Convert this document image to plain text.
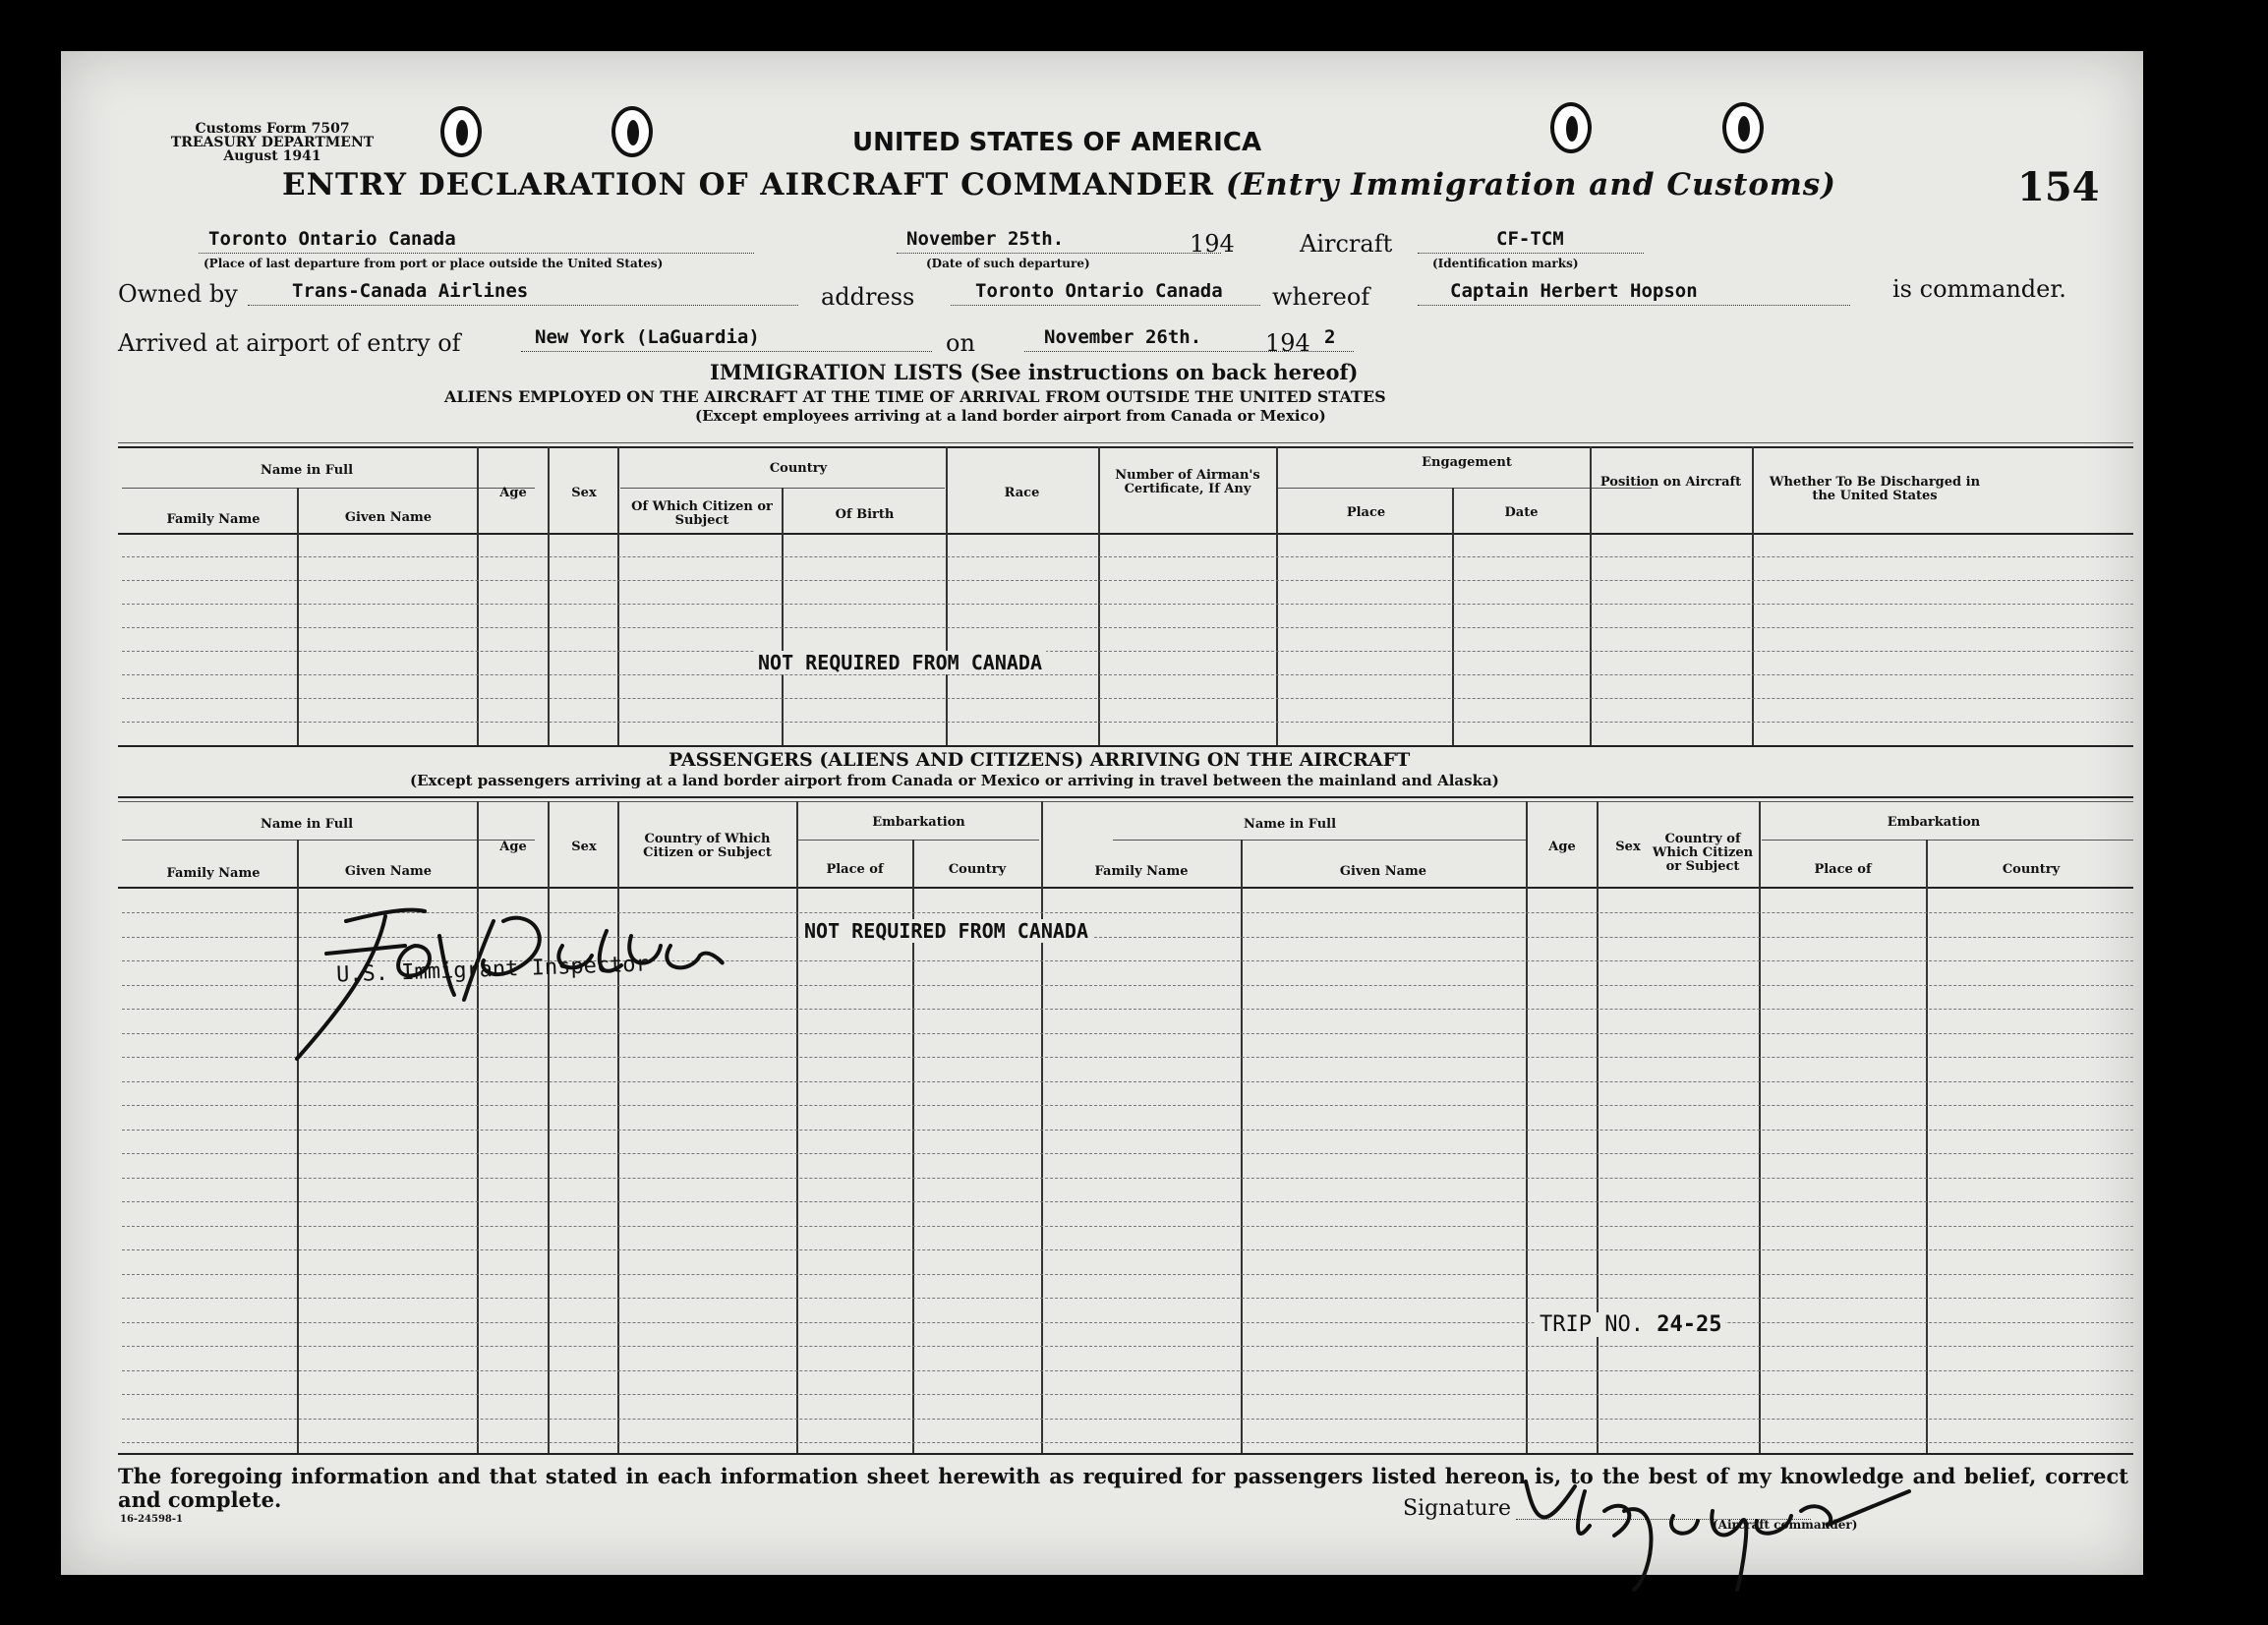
Customs Form 7507
TREASURY DEPARTMENT
August 1941	UNITED STATES OF AMERICA
ENTRY DECLARATION OF AIRCRAFT COMMANDER (Entry Immigration and Customs)	154
Toronto Ontario Canada
(Place of last departure from port or place outside the United States)
November 25th.	194
(Date of such departure)
Aircraft	CF-TCM
(Identification marks)
Owned by	Trans-Canada Airlines	address	Toronto Ontario Canada whereof	Captain Herbert Hopson	is commander.
Arrived at airport of entry of	New York (LaGuardia)	on	November 26th.	194 2
IMMIGRATION LISTS (See instructions on back hereof)
ALIENS EMPLOYED ON THE AIRCRAFT AT THE TIME OF ARRIVAL FROM OUTSIDE THE UNITED STATES
(Except employees arriving at a land border airport from Canada or Mexico)
Name in Full
Family Name	Given Name
Age	Sex
Country
Of Which Citizen or Subject	Of Birth
Race
Number of Airman's Certificate, If Any
Engagement
Place	Date
Position on Aircraft	Whether To Be Discharged in the United States
NOT REQUIRED FROM CANADA
PASSENGERS (ALIENS AND CITIZENS) ARRIVING ON THE AIRCRAFT
(Except passengers arriving at a land border airport from Canada or Mexico or arriving in travel between the mainland and Alaska)
Name in Full
Family Name	Given Name
Age	Sex
Country of Which Citizen or Subject
Embarkation
Place of	Country
Name in Full
Family Name	Given Name
Age	Sex
Country of Which Citizen or Subject
Embarkation
Place of	Country
NOT REQUIRED FROM CANADA
U.S. Immigrant Inspector
TRIP NO. 24-25
The foregoing information and that stated in each information sheet herewith as required for passengers listed hereon is, to the best of my knowledge and belief, correct and complete.
16-24598-1	Signature
(Aircraft commander)
